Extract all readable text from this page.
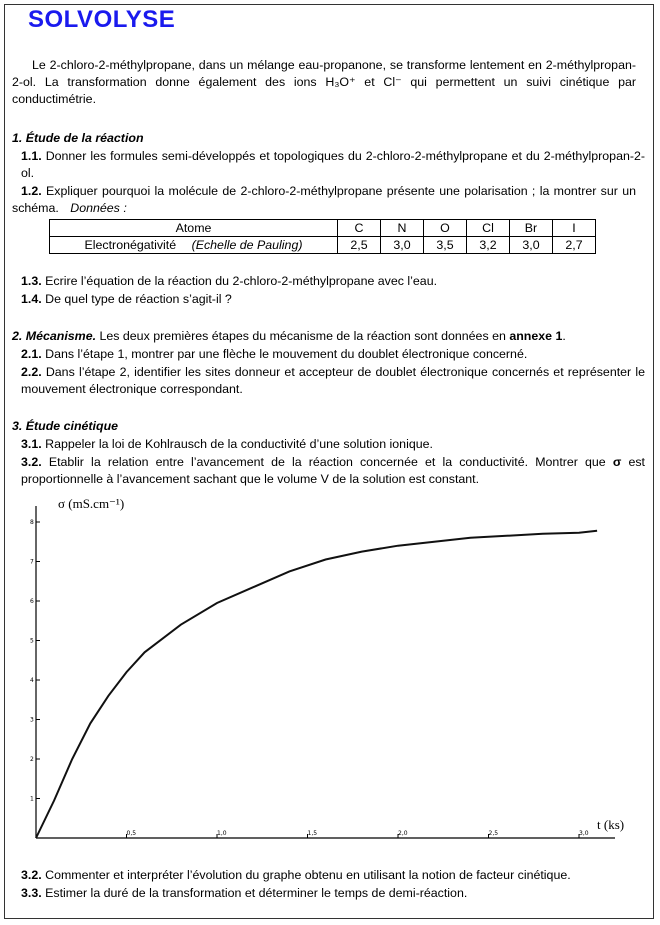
SOLVOLYSE
Le 2-chloro-2-méthylpropane, dans un mélange eau-propanone, se transforme lentement en 2-méthylpropan-2-ol. La transformation donne également des ions H₃O⁺ et Cl⁻ qui permettent un suivi cinétique par conductimétrie.
1. Étude de la réaction
1.1. Donner les formules semi-développés et topologiques du 2-chloro-2-méthylpropane et du 2-méthylpropan-2-ol.
1.2. Expliquer pourquoi la molécule de 2-chloro-2-méthylpropane présente une polarisation ; la montrer sur un schéma. Données :
Atome	C	N	O	Cl	Br	I
Electronégativité (Echelle de Pauling)	2,5	3,0	3,5	3,2	3,0	2,7
1.3. Ecrire l’équation de la réaction du 2-chloro-2-méthylpropane avec l’eau.
1.4. De quel type de réaction s’agit-il ?
2. Mécanisme. Les deux premières étapes du mécanisme de la réaction sont données en annexe 1.
2.1. Dans l’étape 1, montrer par une flèche le mouvement du doublet électronique concerné.
2.2. Dans l’étape 2, identifier les sites donneur et accepteur de doublet électronique concernés et représenter le mouvement électronique correspondant.
3. Étude cinétique
3.1. Rappeler la loi de Kohlrausch de la conductivité d’une solution ionique.
3.2. Etablir la relation entre l’avancement de la réaction concernée et la conductivité. Montrer que σ est proportionnelle à l’avancement sachant que le volume V de la solution est constant.
0,5	1,0	1,5	2,0	2,5	3,0
1
2
3
4
5
6
7
8
σ (mS.cm⁻¹)
t (ks)
3.2. Commenter et interpréter l’évolution du graphe obtenu en utilisant la notion de facteur cinétique.
3.3. Estimer la duré de la transformation et déterminer le temps de demi-réaction.
